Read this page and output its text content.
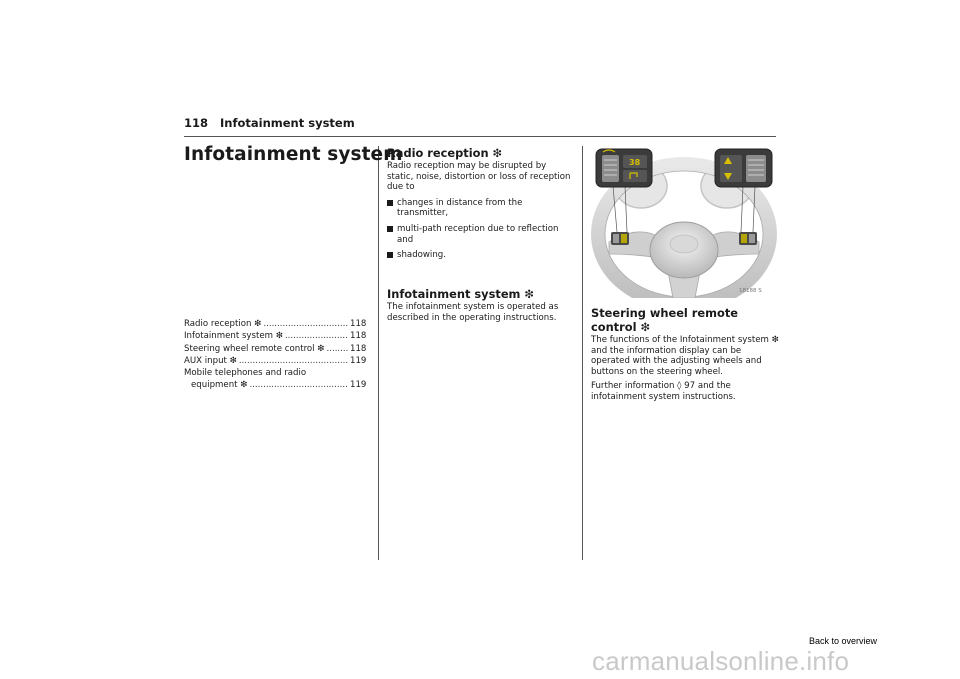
118 Infotainment system
Infotainment system
Radio reception ❇ .....	118
Infotainment system ❇ .....	118
Steering wheel remote control ❇ .....	118
AUX input ❇ .....	119
Mobile telephones and radio
equipment ❇ .....	119
Radio reception ❇

Radio reception may be disrupted by static, noise, distortion or loss of reception due to

changes in distance from the transmitter,
multi-path reception due to reflection and
shadowing.
Infotainment system ❇

The infotainment system is operated as described in the operating instructions.

38
18188 S
Steering wheel remote control ❇

The functions of the Infotainment system ❇ and the information display can be operated with the adjusting wheels and buttons on the steering wheel.

Further information ◊ 97 and the infotainment system instructions.

Back to overview
carmanualsonline.info
